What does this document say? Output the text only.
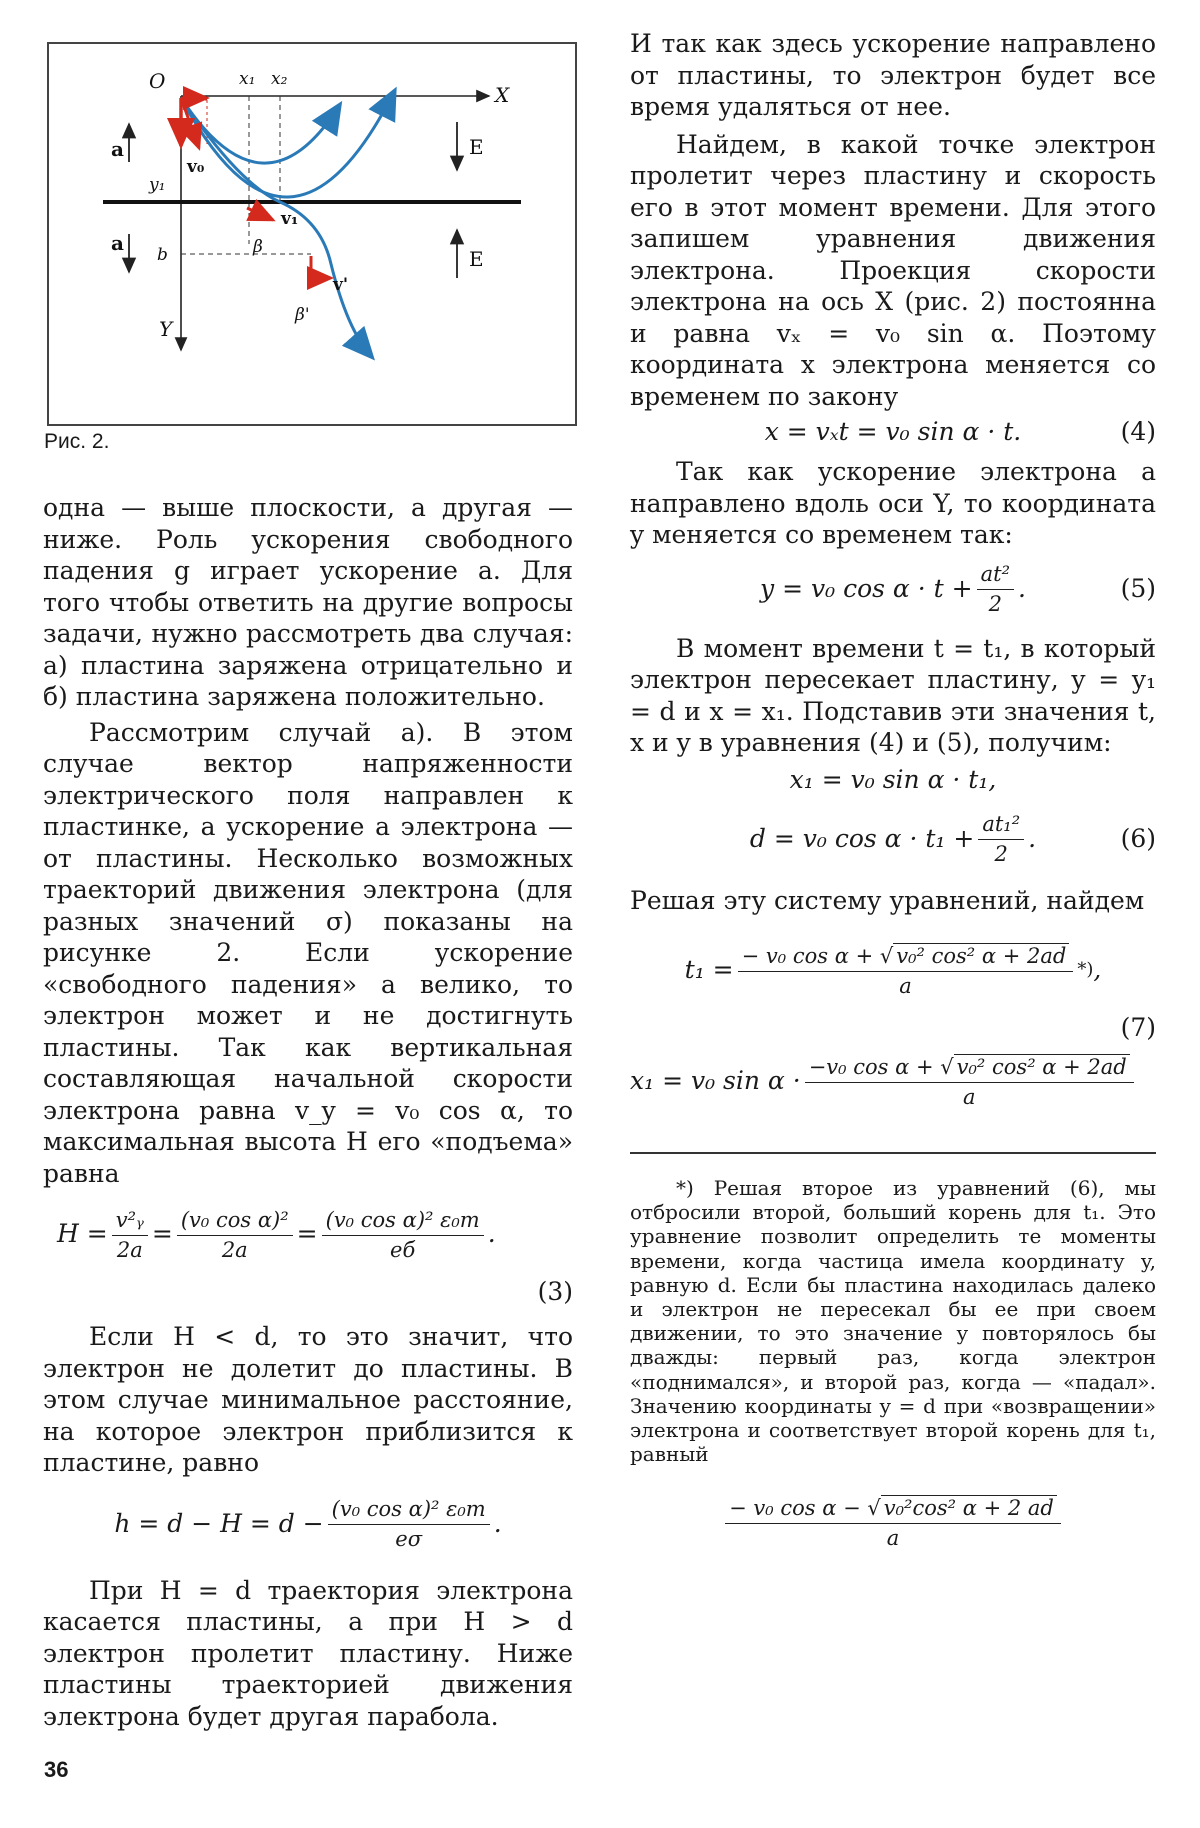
O	x₁ x₂
X
a
v₀
y₁
v₁
β
a b
v'
β'
Y
E
E
Рис. 2.

одна — выше плоскости, а другая — ниже. Роль ускорения свободного падения g играет ускорение a. Для того чтобы ответить на другие вопросы задачи, нужно рассмотреть два случая: а) пластина заряжена отрицательно и б) пластина заряжена положительно.

Рассмотрим случай а). В этом случае вектор напряженности электрического поля направлен к пластинке, а ускорение a электрона — от пластины. Несколько возможных траекторий движения электрона (для разных значений σ) показаны на рисунке 2. Если ускорение «свободного падения» a велико, то электрон может и не достигнуть пластины. Так как вертикальная составляющая начальной скорости электрона равна v_y = v₀ cos α, то максимальная высота H его «подъема» равна

$H = \frac{\text{v²ᵧ}}{2a} = \frac{\text{(v₀ cos α)²}}{2a} = \frac{\text{(v₀ cos α)² ε₀m}}{eб}$ .
(3)

Если H < d, то это значит, что электрон не долетит до пластины. В этом случае минимальное расстояние, на которое электрон приблизится к пластине, равно

$h = d - H = d - \frac{\text{(v₀ cos α)² ε₀m}}{e\sigma}$ .

При H = d траектория электрона касается пластины, а при H > d электрон пролетит пластину. Ниже пластины траекторией движения электрона будет другая парабола.

И так как здесь ускорение направлено от пластины, то электрон будет все время удаляться от нее.

Найдем, в какой точке электрон пролетит через пластину и скорость его в этот момент времени. Для этого запишем уравнения движения электрона. Проекция скорости электрона на ось X (рис. 2) постоянна и равна vₓ = v₀ sin α. Поэтому координата x электрона меняется со временем по закону

x = vₓt = v₀ sin α · t.	(4)

Так как ускорение электрона a направлено вдоль оси Y, то координата y меняется со временем так:

y = v₀ $\cos \alpha \cdot t + \frac{\text{at²}}{2}$ .	(5)

В момент времени t = t₁, в который электрон пересекает пластину, y = y₁ = d и x = x₁. Подставив эти значения t, x и y в уравнения (4) и (5), получим:

x₁ = v₀ sin α · t₁,
d = v₀ $\cos \alpha \cdot t_1 + \frac{\text{at₁²}}{2}$ .	(6)

Решая эту систему уравнений, найдем

$t_1 = \frac{\text{− v₀ cos α + √ v₀² cos² α + 2ad}}{a}$ *) ,
(7)
x₁ = v₀ $\sin \alpha \cdot \frac{\text{−v₀ cos α + √ v₀² cos² α + 2ad}}{a}$

*) Решая второе из уравнений (6), мы отбросили второй, больший корень для t₁. Это уравнение позволит определить те моменты времени, когда частица имела координату y, равную d. Если бы пластина находилась далеко и электрон не пересекал бы ее при своем движении, то это значение y повторялось бы дважды: первый раз, когда электрон «поднимался», и второй раз, когда — «падал». Значению координаты y = d при «возвращении» электрона и соответствует второй корень для t₁, равный

$\frac{\text{− v₀ cos α − √ v₀²cos² α + 2 ad}}{a}$
36
